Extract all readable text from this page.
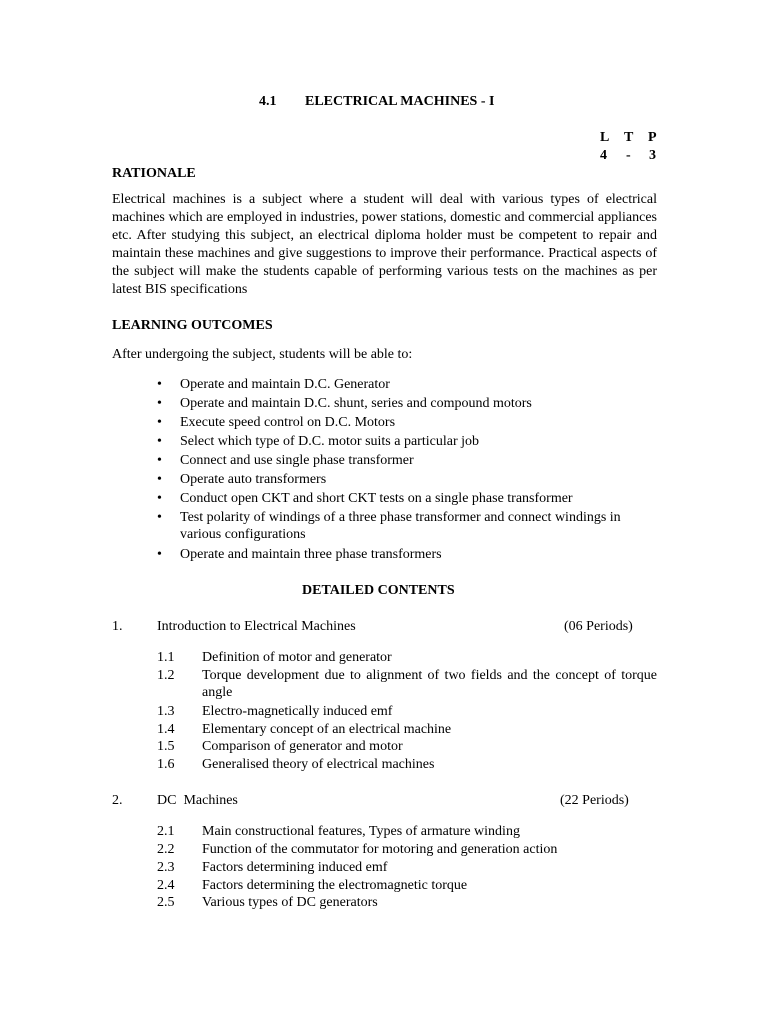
4.1 ELECTRICAL MACHINES - I
L T P
4 - 3
RATIONALE
Electrical machines is a subject where a student will deal with various types of electrical machines which are employed in industries, power stations, domestic and commercial appliances etc. After studying this subject, an electrical diploma holder must be competent to repair and maintain these machines and give suggestions to improve their performance. Practical aspects of the subject will make the students capable of performing various tests on the machines as per latest BIS specifications
LEARNING OUTCOMES
After undergoing the subject, students will be able to:
• Operate and maintain D.C. Generator
• Operate and maintain D.C. shunt, series and compound motors
• Execute speed control on D.C. Motors
• Select which type of D.C. motor suits a particular job
• Connect and use single phase transformer
• Operate auto transformers
• Conduct open CKT and short CKT tests on a single phase transformer
• Test polarity of windings of a three phase transformer and connect windings in various configurations
• Operate and maintain three phase transformers
DETAILED CONTENTS
1. Introduction to Electrical Machines	(06 Periods)
1.1 Definition of motor and generator
1.2 Torque development due to alignment of two fields and the concept of torque angle
1.3 Electro-magnetically induced emf
1.4 Elementary concept of an electrical machine
1.5 Comparison of generator and motor
1.6 Generalised theory of electrical machines
2. DC  Machines	(22 Periods)
2.1 Main constructional features, Types of armature winding
2.2 Function of the commutator for motoring and generation action
2.3 Factors determining induced emf
2.4 Factors determining the electromagnetic torque
2.5 Various types of DC generators
